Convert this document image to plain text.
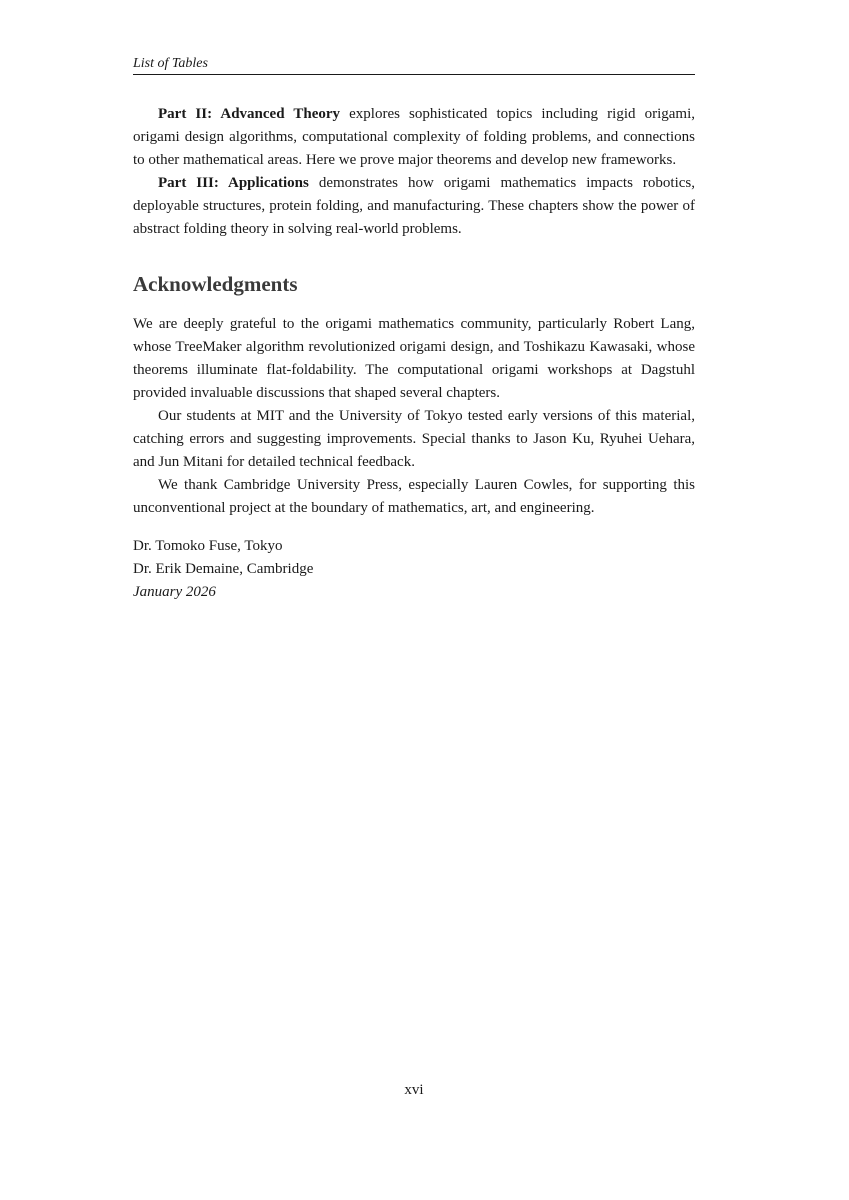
List of Tables

Part II: Advanced Theory explores sophisticated topics including rigid origami, origami design algorithms, computational complexity of folding problems, and connections to other mathematical areas. Here we prove major theorems and develop new frameworks.

Part III: Applications demonstrates how origami mathematics impacts robotics, deployable structures, protein folding, and manufacturing. These chapters show the power of abstract folding theory in solving real-world problems.

Acknowledgments

We are deeply grateful to the origami mathematics community, particularly Robert Lang, whose TreeMaker algorithm revolutionized origami design, and Toshikazu Kawasaki, whose theorems illuminate flat-foldability. The computational origami workshops at Dagstuhl provided invaluable discussions that shaped several chapters.

Our students at MIT and the University of Tokyo tested early versions of this material, catching errors and suggesting improvements. Special thanks to Jason Ku, Ryuhei Uehara, and Jun Mitani for detailed technical feedback.

We thank Cambridge University Press, especially Lauren Cowles, for supporting this unconventional project at the boundary of mathematics, art, and engineering.

Dr. Tomoko Fuse, Tokyo
Dr. Erik Demaine, Cambridge
January 2026
xvi
